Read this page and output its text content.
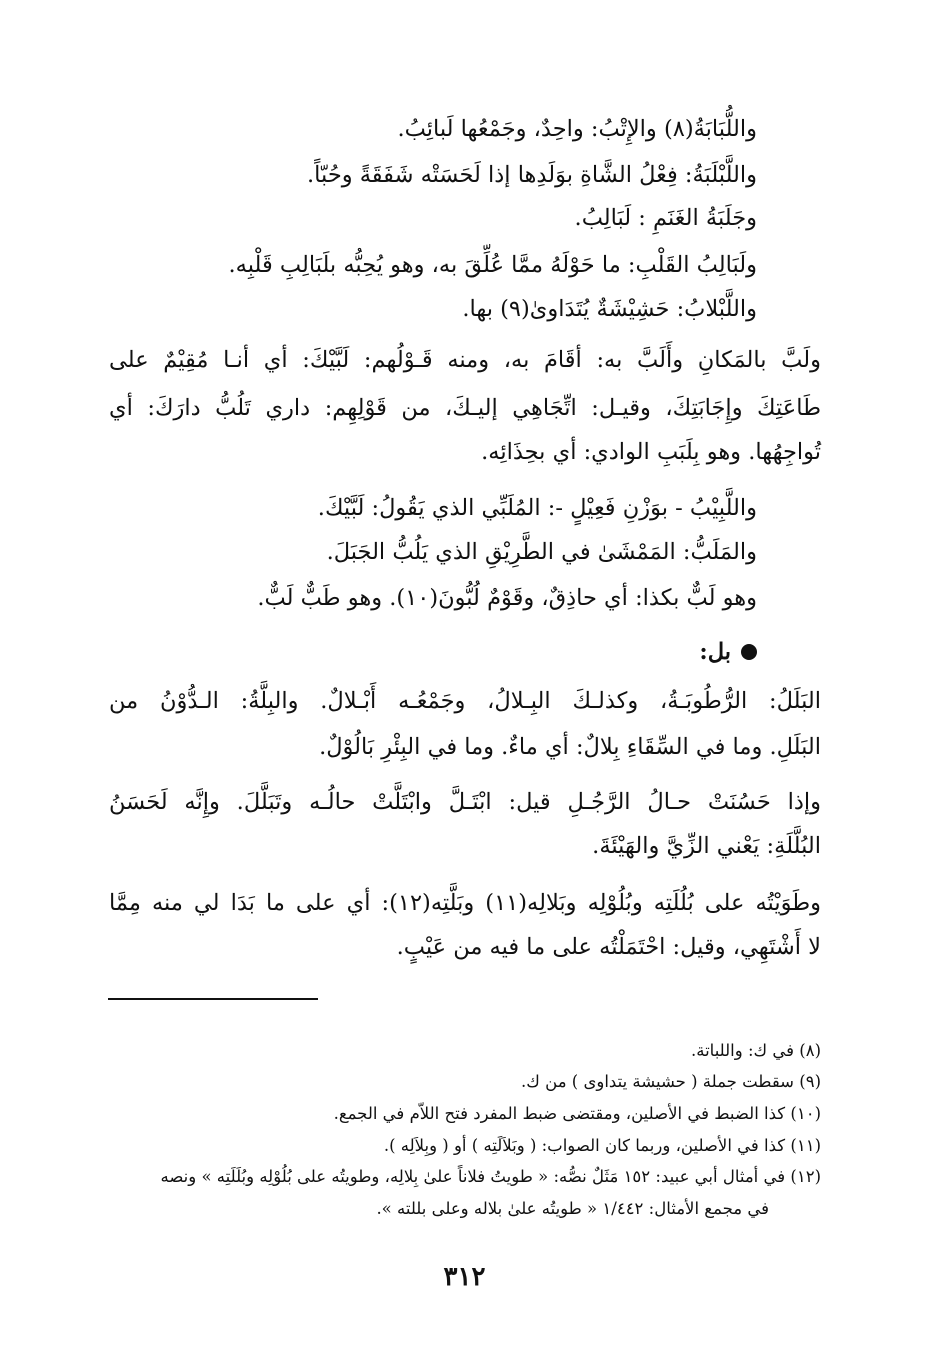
واللُّبَابَةُ(٨) والإِتْبُ: واحِدٌ، وجَمْعُها لَبائِبُ.
واللَّبْلَبَةُ: فِعْلُ الشَّاةِ بوَلَدِها إذا لَحَسَتْه شَفَقَةً وحُبّاً.
وجَلَبَةُ الغَنَمِ : لَبَالِبُ.
ولَبَالِبُ القَلْبِ: ما حَوْلَهُ ممَّا عُلِّقَ به، وهو يُحِبُّه بلَبَالِبِ قَلْبِه.
واللَّبْلابُ: حَشِيْشَةٌ يُتَدَاوىٰ(٩) بها.
ولَبَّ بالمَكانِ وأَلَبَّ به: أقَامَ به، ومنه قَـوْلُهم: لَبَّيْكَ: أي أنـا مُقِيْمٌ على
طَاعَتِكَ وإِجَابَتِكَ، وقيـل: اتِّجَاهِي إليـكَ، من قَوْلِهِم: داري تَلُبُّ دارَكَ: أي
تُواجِهُها. وهو بِلَبَبِ الوادي: أي بحِذَائِه.
واللَّبِيْبُ - بوَزْنِ فَعِيْلٍ -: المُلَبِّي الذي يَقُولُ: لَبَّيْكَ.
والمَلَبُّ: المَمْشَىٰ في الطَّرِيْقِ الذي يَلُبُّ الجَبَلَ.
وهو لَبٌّ بكذا: أي حاذِقٌ، وقَوْمٌ لُبُّونَ(١٠). وهو طَبٌّ لَبٌّ.
بل:
البَلَلُ: الرُّطُوبَـةُ، وكذلـكَ البِـلالُ، وجَمْعُـه أَبْـلالٌ. والبِلَّةُ: الـدُّوْنُ من
البَلَلِ. وما في السِّقَاءِ بِلالٌ: أي ماءٌ. وما في البِئْرِ بَالُوْلٌ.
وإذا حَسُنَتْ حـالُ الرَّجُـلِ قيل: ابْتَـلَّ وابْتَلَّتْ حالُـه وتَبَلَّلَ. وإِنَّه لَحَسَنُ
البُلَّلَةِ: يَعْني الزِّيَّ والهَيْئَةَ.
وطَوَيْتُه على بُلُلَتِه وبُلُوْلِه وبَلالِه(١١) وبَلَّتِه(١٢): أي على ما بَدَا لي منه مِمَّا
لا أَشْتَهِي، وقيل: احْتَمَلْتُه على ما فيه من عَيْبٍ.
(٨) في ك: واللباتة.
(٩) سقطت جملة ( حشيشة يتداوى ) من ك.
(١٠) كذا الضبط في الأصلين، ومقتضى ضبط المفرد فتح اللاّم في الجمع.
(١١) كذا في الأصلين، وربما كان الصواب: ( وبَلاَلَتِه ) أو ( وبِلاَلِه ).
(١٢) في أمثال أبي عبيد: ١٥٢ مَثَلٌ نصُّه: « طويتُ فلاناً علىٰ بِلالِه، وطويتُه على بُلُوْلِه وبُلَلَتِه » ونصه
في مجمع الأمثال: ١/٤٤٢ « طويتُه علىٰ بلاله وعلى بللته ».
٣١٢
